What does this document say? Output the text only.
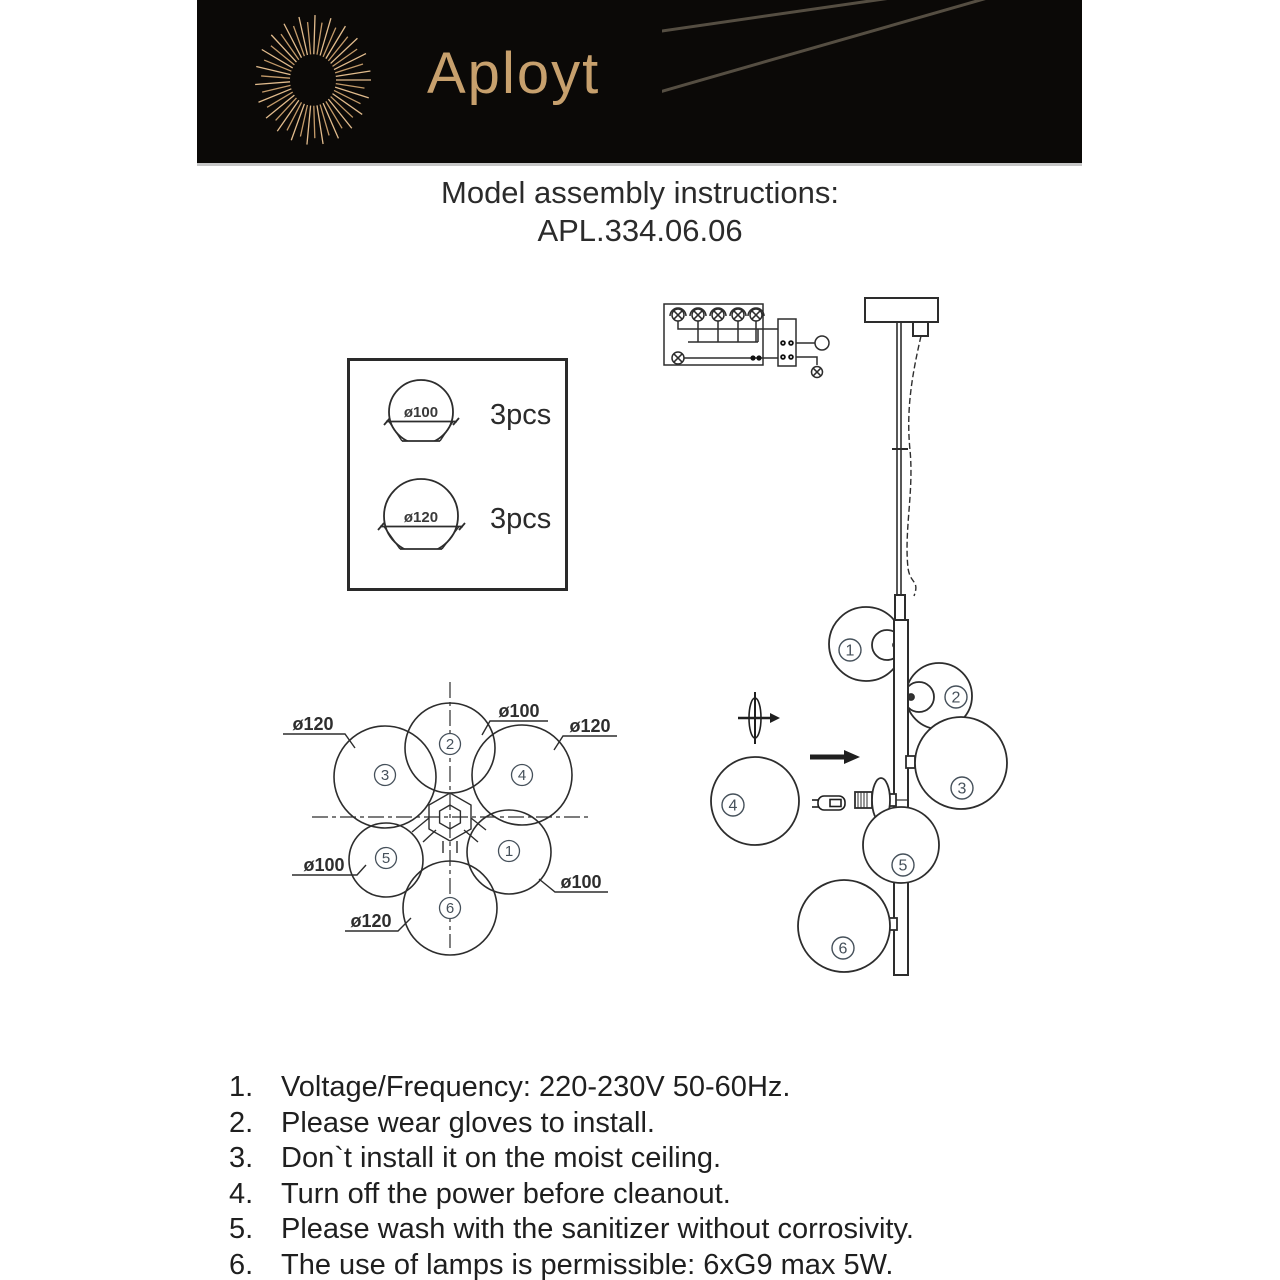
Aployt
Model assembly instructions:
APL.334.06.06
ø100 3pcs
ø120 3pcs
1
2
3
4
5
6
ø120
ø100
ø120
ø100
ø100
ø120
1
2
3	4
5
6
1. Voltage/Frequency: 220-230V 50-60Hz.
2. Please wear gloves to install.
3. Don`t install it on the moist ceiling.
4. Turn off the power before cleanout.
5. Please wash with the sanitizer without corrosivity.
6. The use of lamps is permissible: 6xG9 max 5W.
